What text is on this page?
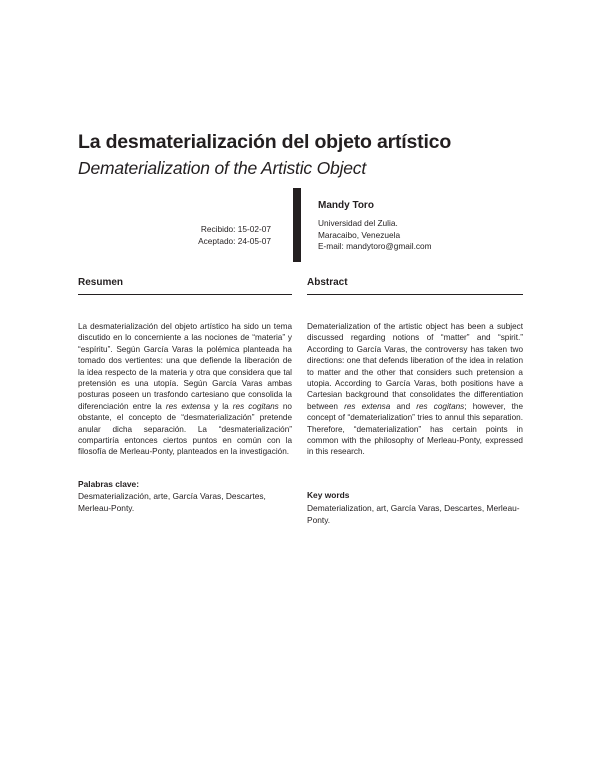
La desmaterialización del objeto artístico
Dematerialization of the Artistic Object
Recibido: 15-02-07
Aceptado: 24-05-07
Mandy Toro
Universidad del Zulia.
Maracaibo, Venezuela
E-mail: mandytoro@gmail.com
Resumen
La desmaterialización del objeto artístico ha sido un tema discutido en lo concerniente a las nociones de “materia” y “espíritu”. Según García Varas la polémica planteada ha tomado dos vertientes: una que defiende la liberación de la idea respecto de la materia y otra que considera que tal pretensión es una utopía. Según García Varas ambas posturas poseen un trasfondo cartesiano que consolida la diferenciación entre la res extensa y la res cogitans no obstante, el concepto de “desmaterialización” pretende anular dicha separación. La “desmaterialización” compartiría entonces ciertos puntos en común con la filosofía de Merleau-Ponty, planteados en la investigación.
Palabras clave:
Desmaterialización, arte, García Varas, Descartes, Merleau-Ponty.
Abstract
Dematerialization of the artistic object has been a subject discussed regarding notions of “matter” and “spirit.” According to García Varas, the controversy has taken two directions: one that defends liberation of the idea in relation to matter and the other that considers such pretension a utopia. According to García Varas, both positions have a Cartesian background that consolidates the differentiation between res extensa and res cogitans; however, the concept of “dematerialization” tries to annul this separation. Therefore, “dematerialization” has certain points in common with the philosophy of Merleau-Ponty, expressed in this research.
Key words
Dematerialization, art, García Varas, Descartes, Merleau-Ponty.
